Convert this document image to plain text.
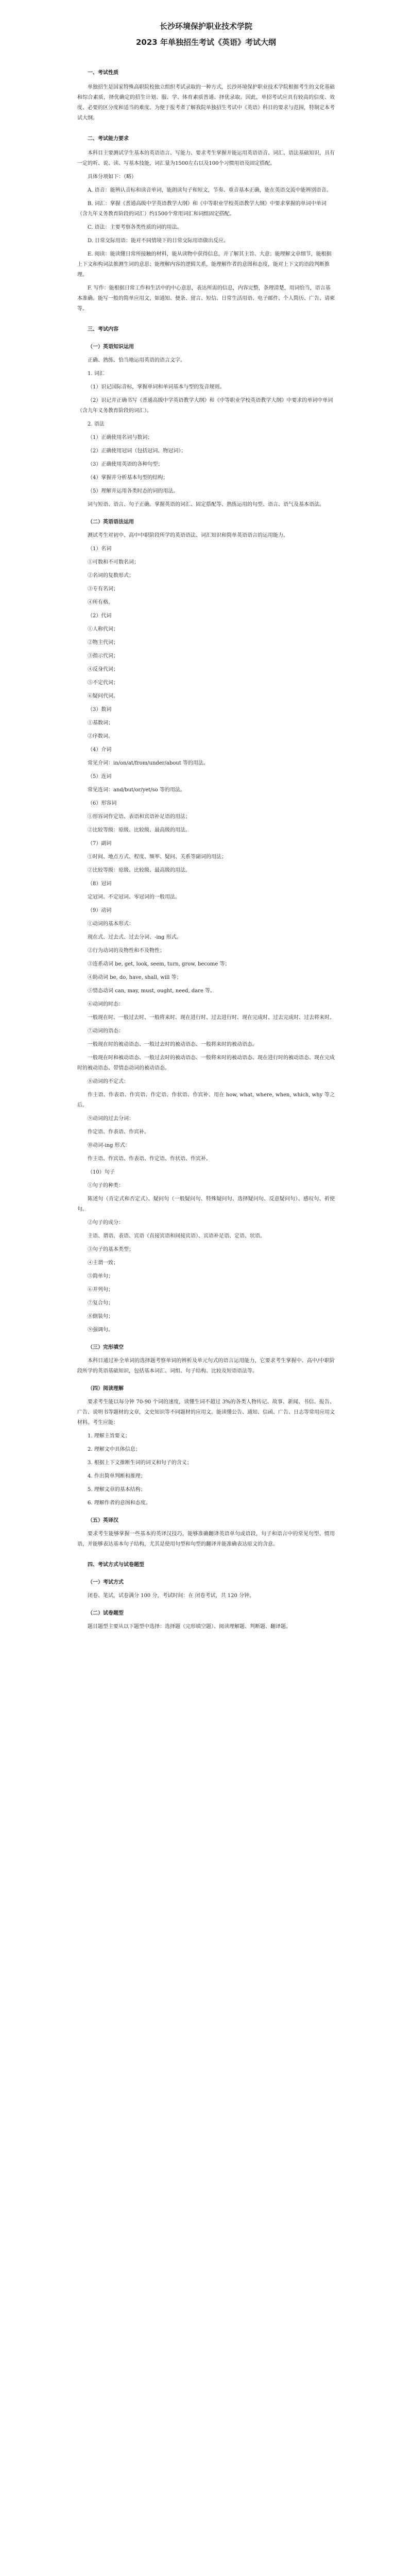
长沙环境保护职业技术学院
2023 年单独招生考试《英语》考试大纲

一、考试性质

单独招生是国家特殊高职院校独立组织考试录取的一种方式，长沙环境保护职业技术学院根据考生的文化基础和综合素质，择优确定的招生计划、服、学、体育素质普通、择优录取。因此，单招考试应具有较高的信度、效度、必要的区分度和适当的难度。为便于报考者了解我院单独招生考试中《英语》科目的要求与范围，特制定本考试大纲。

二、考试能力要求

本科目主要测试学生基本的英语语言、写能力、要求考生掌握并能运用英语语音、词汇、语法基础知识，具有一定的听、说、读、写基本技能，词汇量为1500左右以及100个习惯用语及固定搭配。

具体分项如下：（略）

A. 语音：能辨认音标和读音单词，能朗读句子和短文，节奏、重音基本正确，能在英语交流中能辨别语音。

B. 词汇：掌握《普通高级中学英语教学大纲》和《中等职业学校英语教学大纲》中要求掌握的单词中单词（含九年义务教育阶段的词汇）约1500个常用词汇和词组固定搭配。

C. 语法：主要考察各类性质的词的用法。

D. 日常交际用语：能对不同情境下的日常交际用语做出反应。

E. 阅读：能读懂日常所接触的材料，能从读物中获得信息，并了解其主旨、大意；能理解文章细节，能根据上下文和构词法推测生词的意思；能理解内容的逻辑关系，能理解作者的意图和态度，能对上下文的语段判断推理。

F. 写作：能根据日常工作和生活中的中心意思，表达所需的信息，内容完整，条理清楚，用词恰当，语言基本准确。能写一般的简单应用文，如通知、便条、留言、短信、日常生活用语、电子邮件、个人简历、广告、请柬等。

三、考试内容

（一）英语知识运用

正确、熟练、恰当地运用英语的语言文字。

1. 词汇

（1）识记国际音标，掌握单词和单词基本与型的发音规则。

（2）识记并正确书写《普通高级中学英语教学大纲》和《中等职业学校英语教学大纲》中要求的单词中单词（含九年义务教育阶段的词汇）。

2. 语法

（1）正确使用名词与数词；

（2）正确使用冠词（包括冠词、物冠词）；

（3）正确使用英语的各种句型；

（4）掌握并分析基本句型的结构；

（5）理解并运用各类时态的词的用法。

词与短语、语言、句子正确。掌握英语的词汇、固定搭配等、熟练运用的句型、语言、语气及基本语法。

（二）英语语法运用

测试考生对初中、高中中职阶段所学的英语语法、词汇知识和简单英语语言的运用能力。

（1）名词

①可数和不可数名词；

②名词的复数形式；

③专有名词；

④所有格。

（2）代词

①人称代词；

②物主代词；

③指示代词；

④反身代词；

⑤不定代词；

⑥疑问代词。

（3）数词

①基数词；

②序数词。

（4）介词

常见介词：in/on/at/from/under/about 等的用法。

（5）连词

常见连词：and/but/or/yet/so 等的用法。

（6）形容词

①形容词作定语、表语和宾语补足语的用法；

②比较等级：原级、比较级、最高级的用法。

（7）副词

①时间、地点方式、程度、频率、疑问、关系等副词的用法；

②比较等级：原级、比较级、最高级的用法。

（8）冠词

定冠词、不定冠词、零冠词的一般用法。

（9）动词

①动词的基本形式：

现在式、过去式、过去分词、-ing 形式。

②行为动词的及物性和不及物性；

③连系动词 be, get, look, seem, turn, grow, become 等；

④助动词 be, do, have, shall, will 等；

⑤情态动词 can, may, must, ought, need, dare 等。

⑥动词的时态：

一般现在时、一般过去时、一般将来时、现在进行时、过去进行时、现在完成时、过去完成时、过去将来时。

⑦动词的语态：

一般现在时的被动语态、一般过去时的被动语态、一般将来时的被动语态。

一般现在时和被动语态、一般过去时的被动语态、一般将来时的被动语态、现在进行时的被动语态、现在完成时的被动语态、带情态动词的被动语态。

⑧动词的不定式：

作主语、作表语、作宾语、作定语、作状语、作宾补、用在 how, what, where, when, which, why 等之后。

⑨动词的过去分词：

作定语、作表语、作宾补。

⑩动词-ing 形式：

作主语、作宾语、作表语、作定语、作状语、作宾补。

（10）句子

①句子的种类：

陈述句（肯定式和否定式）、疑问句（一般疑问句、特殊疑问句、选择疑问句、反意疑问句）、感叹句、祈使句。

②句子的成分：

主语、谓语、表语、宾语（直接宾语和间接宾语）、宾语补足语、定语、状语。

③句子的基本类型；

④主谓一致；

⑤简单句；

⑥并列句；

⑦复合句；

⑧倒装句；

⑨强调句。

（三）完形填空

本科目通过补全单词的选择题考察单词的辨析及单元句式的语言运用能力，它要求考生掌握中、高中/中职阶段所学的英语基础知识，包括基本词汇、词组、句子结构、比较及短语语法等。

（四）阅读理解

要求考生能以每分钟 70-90 个词的速度，读懂生词不超过 3%的各类人物传记、故事、新闻、书信、报告、广告、说明书等题材的文章，文史知识等不同题材的应用文。能读懂公告、通知、信函、广告、日志等常用应用文材料。考生应能：

1. 理解主旨要义；

2. 理解文中具体信息；

3. 根据上下文推断生词的词义和句子的含义；

4. 作出简单判断和推理；

5. 理解文章的基本结构；

6. 理解作者的意图和态度。

（五）英译汉

要求考生能够掌握一些基本的英译汉技巧，能够准确翻译英语单句或语段，句子和语言中的常见句型、惯用语，并能够表达基本句子结构，尤其是使用句型和句型的翻译并能准确表达原文的含意。

四、考试方式与试卷题型

（一）考试方式

闭卷、笔试，试卷满分 100 分，考试时间：在 闭卷考试，共 120 分钟。

（二）试卷题型

题目题型主要从以下题型中选择：选择题（完形填空题）、阅读理解题、判断题、翻译题。
